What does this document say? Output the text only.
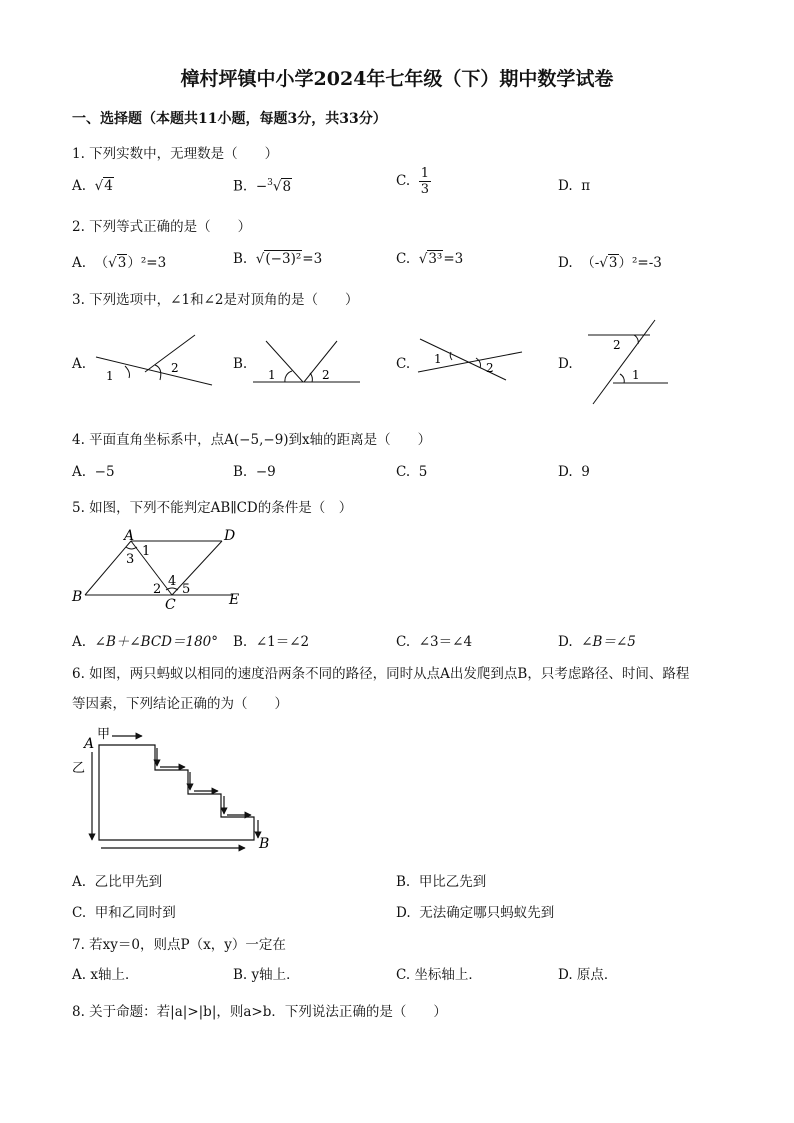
樟村坪镇中小学2024年七年级（下）期中数学试卷
一、选择题（本题共11小题，每题3分，共33分）
1. 下列实数中，无理数是（　　）
A.  √4	B. −$^3$√8	C. $\frac{1}{3}$	D. π
2. 下列等式正确的是（　　）
A. （√3）²=3	B.  √(−3)²=3	C.  √3³=3	D. （-√3）²=-3
3. 下列选项中，∠1和∠2是对顶角的是（　　）
A.	B.	C.	D.
1
2	1	2
1
2
2
1
4. 平面直角坐标系中，点A(−5,−9)到x轴的距离是（　　）
A. −5	B. −9	C. 5	D. 9
5. 如图，下列不能判定AB∥CD的条件是（　）
A	D
B	C	E
1
3
2
4
5
A. ∠B＋∠BCD＝180° B. ∠1＝∠2	C. ∠3＝∠4	D. ∠B＝∠5
6. 如图，两只蚂蚁以相同的速度沿两条不同的路径，同时从点A出发爬到点B，只考虑路径、时间、路程
等因素，下列结论正确的为（　　）
A
B
甲
乙
A. 乙比甲先到	B. 甲比乙先到
C. 甲和乙同时到	D. 无法确定哪只蚂蚁先到
7. 若xy＝0，则点P（x，y）一定在
A. x轴上．	B. y轴上．	C. 坐标轴上．	D. 原点．
8. 关于命题：若|a|>|b|，则a>b．下列说法正确的是（　　）
